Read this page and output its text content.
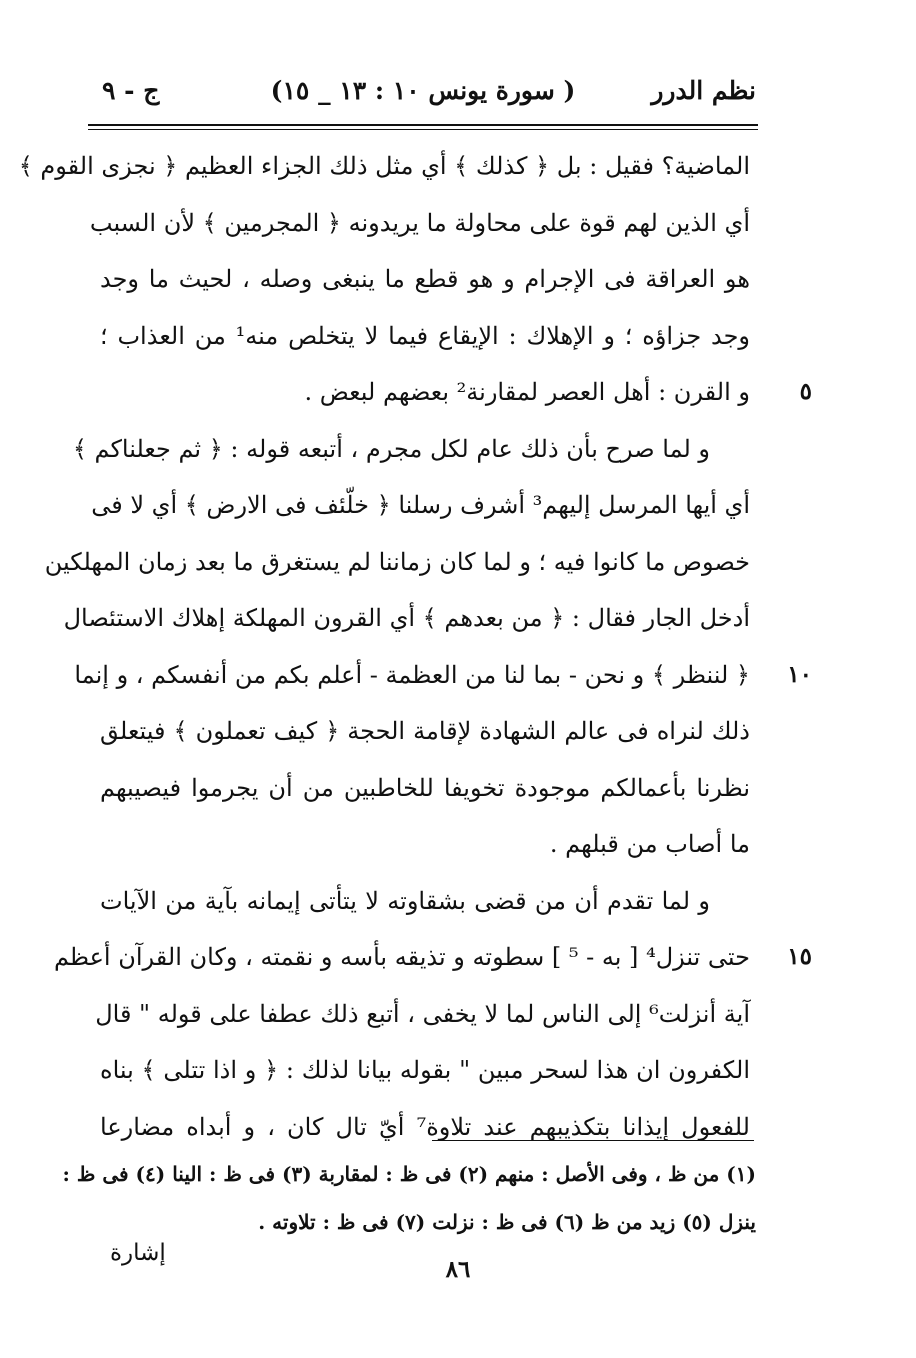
نظم الدرر
( سورة يونس ١٠ : ١٣ _ ١٥)
ج - ٩
الماضية؟ فقيل : بل ﴿ كذلك ﴾ أي مثل ذلك الجزاء العظيم ﴿ نجزى القوم ﴾
أي الذين لهم قوة على محاولة ما يريدونه ﴿ المجرمين ﴾ لأن السبب
هو العراقة فى الإجرام و هو قطع ما ينبغى وصله ، لحيث ما وجد
وجد جزاؤه ؛ و الإهلاك : الإيقاع فيما لا يتخلص منه¹ من العذاب ؛
٥
و القرن : أهل العصر لمقارنة² بعضهم لبعض .
و لما صرح بأن ذلك عام لكل مجرم ، أتبعه قوله : ﴿ ثم جعلناكم ﴾
أي أيها المرسل إليهم³ أشرف رسلنا ﴿ خلّئف فى الارض ﴾ أي لا فى
خصوص ما كانوا فيه ؛ و لما كان زماننا لم يستغرق ما بعد زمان المهلكين
أدخل الجار فقال : ﴿ من بعدهم ﴾ أي القرون المهلكة إهلاك الاستئصال
١٠
﴿ لننظر ﴾ و نحن - بما لنا من العظمة - أعلم بكم من أنفسكم ، و إنما
ذلك لنراه فى عالم الشهادة لإقامة الحجة ﴿ كيف تعملون ﴾ فيتعلق
نظرنا بأعمالكم موجودة تخويفا للخاطبين من أن يجرموا فيصيبهم
ما أصاب من قبلهم .
و لما تقدم أن من قضى بشقاوته لا يتأتى إيمانه بآية من الآيات
١٥
حتى تنزل⁴ [ به - ⁵ ] سطوته و تذيقه بأسه و نقمته ، وكان القرآن أعظم
آية أنزلت⁶ إلى الناس لما لا يخفى ، أتبع ذلك عطفا على قوله " قال
الكفرون ان هذا لسحر مبين " بقوله بيانا لذلك : ﴿ و اذا تتلى ﴾ بناه
للفعول إيذانا بتكذيبهم عند تلاوة⁷ أيّ تال كان ، و أبداه مضارعا
(١) من ظ ، وفى الأصل : منهم (٢) فى ظ : لمقاربة (٣) فى ظ : الينا (٤) فى ظ :
ينزل (٥) زيد من ظ (٦) فى ظ : نزلت (٧) فى ظ : تلاوته .
٨٦
إشارة
